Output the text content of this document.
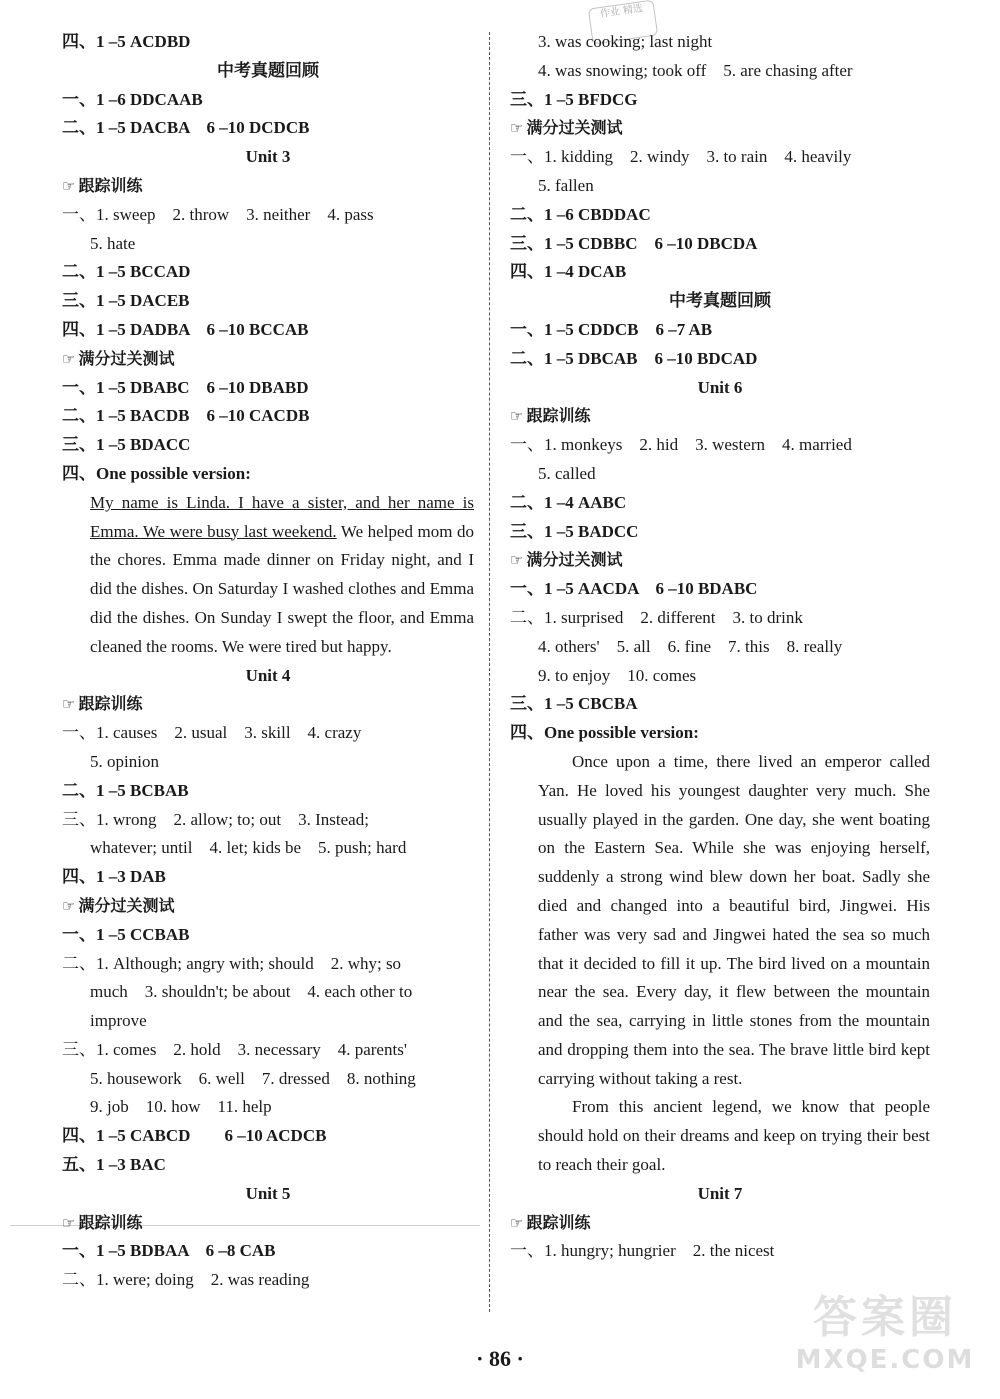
作业 精选
四、1 –5 ACDBD
中考真题回顾
一、1 –6 DDCAAB
二、1 –5 DACBA　6 –10 DCDCB
Unit 3
☞ 跟踪训练
一、1. sweep　2. throw　3. neither　4. pass
5. hate
二、1 –5 BCCAD
三、1 –5 DACEB
四、1 –5 DADBA　6 –10 BCCAB
☞ 满分过关测试
一、1 –5 DBABC　6 –10 DBABD
二、1 –5 BACDB　6 –10 CACDB
三、1 –5 BDACC
四、One possible version:
My name is Linda. I have a sister, and her name is Emma. We were busy last weekend. We helped mom do the chores. Emma made dinner on Friday night, and I did the dishes. On Saturday I washed clothes and Emma did the dishes. On Sunday I swept the floor, and Emma cleaned the rooms. We were tired but happy.
Unit 4
☞ 跟踪训练
一、1. causes　2. usual　3. skill　4. crazy
5. opinion
二、1 –5 BCBAB
三、1. wrong　2. allow; to; out　3. Instead;
whatever; until　4. let; kids be　5. push; hard
四、1 –3 DAB
☞ 满分过关测试
一、1 –5 CCBAB
二、1. Although; angry with; should　2. why; so
much　3. shouldn't; be about　4. each other to
improve
三、1. comes　2. hold　3. necessary　4. parents'
5. housework　6. well　7. dressed　8. nothing
9. job　10. how　11. help
四、1 –5 CABCD　　6 –10 ACDCB
五、1 –3 BAC
Unit 5
☞ 跟踪训练
一、1 –5 BDBAA　6 –8 CAB
二、1. were; doing　2. was reading
3. was cooking; last night
4. was snowing; took off　5. are chasing after
三、1 –5 BFDCG
☞ 满分过关测试
一、1. kidding　2. windy　3. to rain　4. heavily
5. fallen
二、1 –6 CBDDAC
三、1 –5 CDBBC　6 –10 DBCDA
四、1 –4 DCAB
中考真题回顾
一、1 –5 CDDCB　6 –7 AB
二、1 –5 DBCAB　6 –10 BDCAD
Unit 6
☞ 跟踪训练
一、1. monkeys　2. hid　3. western　4. married
5. called
二、1 –4 AABC
三、1 –5 BADCC
☞ 满分过关测试
一、1 –5 AACDA　6 –10 BDABC
二、1. surprised　2. different　3. to drink
4. others'　5. all　6. fine　7. this　8. really
9. to enjoy　10. comes
三、1 –5 CBCBA
四、One possible version:

Once upon a time, there lived an emperor called Yan. He loved his youngest daughter very much. She usually played in the garden. One day, she went boating on the Eastern Sea. While she was enjoying herself, suddenly a strong wind blew down her boat. Sadly she died and changed into a beautiful bird, Jingwei. His father was very sad and Jingwei hated the sea so much that it decided to fill it up. The bird lived on a mountain near the sea. Every day, it flew between the mountain and the sea, carrying in little stones from the mountain and dropping them into the sea. The brave little bird kept carrying without taking a rest.

From this ancient legend, we know that people should hold on their dreams and keep on trying their best to reach their goal.

Unit 7
☞ 跟踪训练
一、1. hungry; hungrier　2. the nicest
· 86 ·
答案圈
MXQE.COM
